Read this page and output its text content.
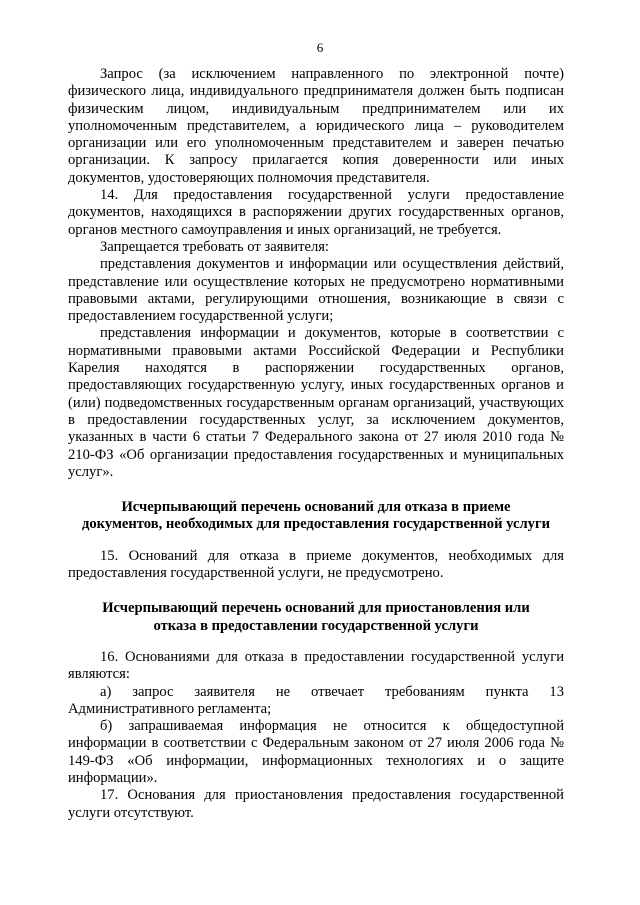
6

Запрос (за исключением направленного по электронной почте) физического лица, индивидуального предпринимателя должен быть подписан физическим лицом, индивидуальным предпринимателем или их уполномоченным представителем, а юридического лица – руководителем организации или его уполномоченным представителем и заверен печатью организации. К запросу прилагается копия доверенности или иных документов, удостоверяющих полномочия представителя.

14. Для предоставления государственной услуги предоставление документов, находящихся в распоряжении других государственных органов, органов местного самоуправления и иных организаций, не требуется.

Запрещается требовать от заявителя:

представления документов и информации или осуществления действий, представление или осуществление которых не предусмотрено нормативными правовыми актами, регулирующими отношения, возникающие в связи с предоставлением государственной услуги;

представления информации и документов, которые в соответствии с нормативными правовыми актами Российской Федерации и Республики Карелия находятся в распоряжении государственных органов, предоставляющих государственную услугу, иных государственных органов и (или) подведомственных государственным органам организаций, участвующих в предоставлении государственных услуг, за исключением документов, указанных в части 6 статьи 7 Федерального закона от 27 июля 2010 года № 210-ФЗ «Об организации предоставления государственных и муниципальных услуг».

Исчерпывающий перечень оснований для отказа в приеме

документов, необходимых для предоставления государственной услуги

15. Оснований для отказа в приеме документов, необходимых для предоставления государственной услуги, не предусмотрено.

Исчерпывающий перечень оснований для приостановления или

отказа в предоставлении государственной услуги

16. Основаниями для отказа в предоставлении государственной услуги являются:

а) запрос заявителя не отвечает требованиям пункта 13 Административного регламента;

б) запрашиваемая информация не относится к общедоступной информации в соответствии с Федеральным законом от 27 июля 2006 года № 149-ФЗ «Об информации, информационных технологиях и о защите информации».

17. Основания для приостановления предоставления государственной услуги отсутствуют.
